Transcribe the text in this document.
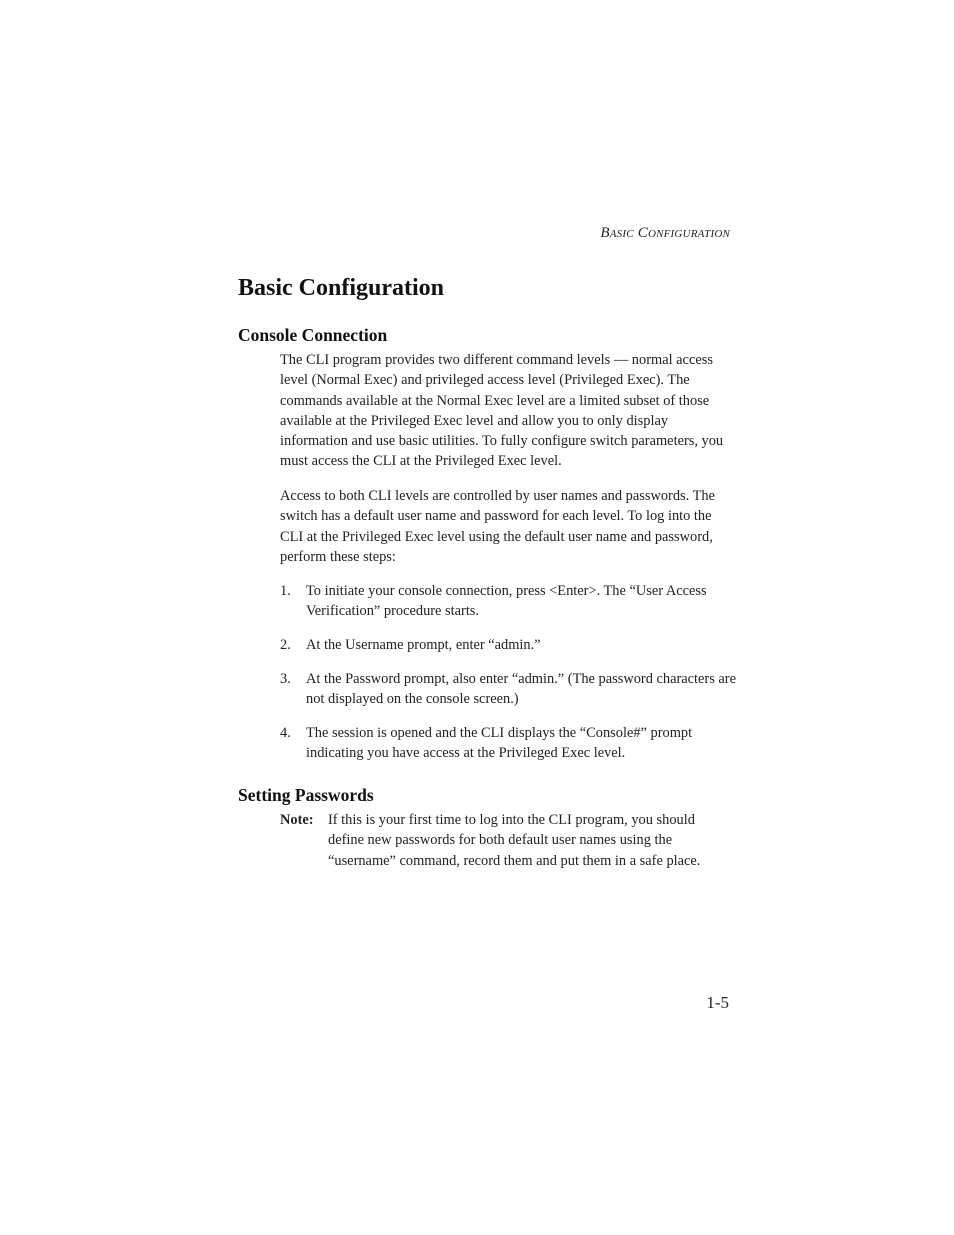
BASIC CONFIGURATION
Basic Configuration
Console Connection

The CLI program provides two different command levels — normal access level (Normal Exec) and privileged access level (Privileged Exec). The commands available at the Normal Exec level are a limited subset of those available at the Privileged Exec level and allow you to only display information and use basic utilities. To fully configure switch parameters, you must access the CLI at the Privileged Exec level.

Access to both CLI levels are controlled by user names and passwords. The switch has a default user name and password for each level. To log into the CLI at the Privileged Exec level using the default user name and password, perform these steps:

1.	To initiate your console connection, press <Enter>. The “User Access Verification” procedure starts.
2.	At the Username prompt, enter “admin.”
3.	At the Password prompt, also enter “admin.” (The password characters are not displayed on the console screen.)
4.	The session is opened and the CLI displays the “Console#” prompt indicating you have access at the Privileged Exec level.
Setting Passwords
Note:	If this is your first time to log into the CLI program, you should define new passwords for both default user names using the “username” command, record them and put them in a safe place.
1-5
